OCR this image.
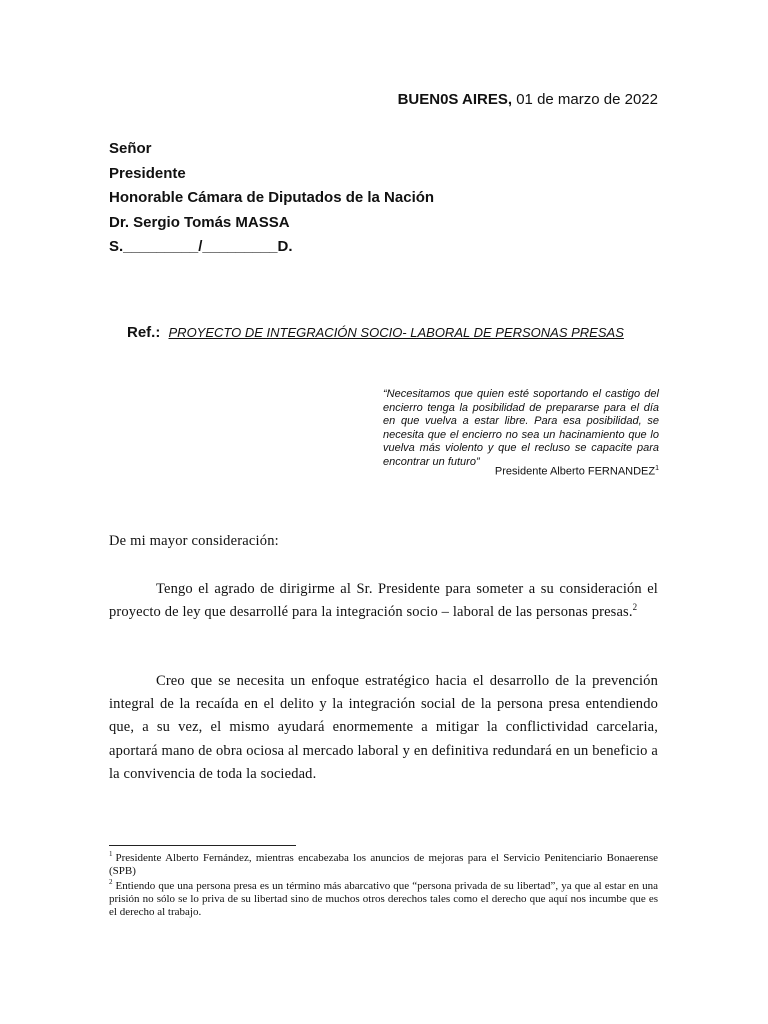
BUEN0S AIRES, 01 de marzo de 2022
Señor
Presidente
Honorable Cámara de Diputados de la Nación
Dr. Sergio Tomás MASSA
S._________/_________D.
Ref.: PROYECTO DE INTEGRACIÓN SOCIO- LABORAL DE PERSONAS PRESAS
“Necesitamos que quien esté soportando el castigo del encierro tenga la posibilidad de prepararse para el día en que vuelva a estar libre. Para esa posibilidad, se necesita que el encierro no sea un hacinamiento que lo vuelva más violento y que el recluso se capacite para encontrar un futuro”
Presidente Alberto FERNANDEZ$^1$
De mi mayor consideración:
Tengo el agrado de dirigirme al Sr. Presidente para someter a su consideración el proyecto de ley que desarrollé para la integración socio – laboral de las personas presas.$^2$
Creo que se necesita un enfoque estratégico hacia el desarrollo de la prevención integral de la recaída en el delito y la integración social de la persona presa entendiendo que, a su vez, el mismo ayudará enormemente a mitigar la conflictividad carcelaria, aportará mano de obra ociosa al mercado laboral y en definitiva redundará en un beneficio a la convivencia de toda la sociedad.
$^1$ Presidente Alberto Fernández, mientras encabezaba los anuncios de mejoras para el Servicio Penitenciario Bonaerense (SPB)
$^2$ Entiendo que una persona presa es un término más abarcativo que “persona privada de su libertad”, ya que al estar en una prisión no sólo se lo priva de su libertad sino de muchos otros derechos tales como el derecho que aquí nos incumbe que es el derecho al trabajo.
